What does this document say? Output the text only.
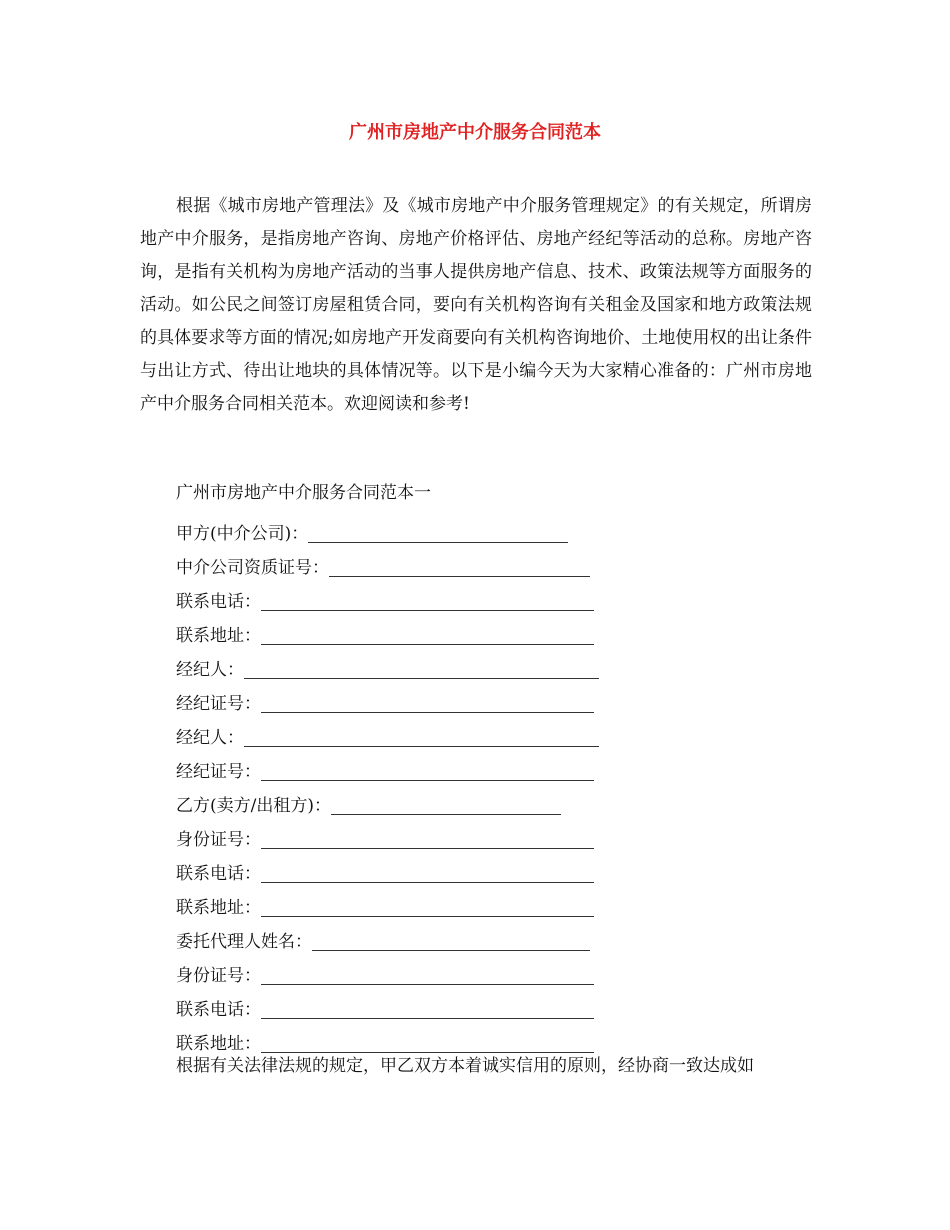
广州市房地产中介服务合同范本

根据《城市房地产管理法》及《城市房地产中介服务管理规定》的有关规定，所谓房地产中介服务，是指房地产咨询、房地产价格评估、房地产经纪等活动的总称。房地产咨询，是指有关机构为房地产活动的当事人提供房地产信息、技术、政策法规等方面服务的活动。如公民之间签订房屋租赁合同，要向有关机构咨询有关租金及国家和地方政策法规的具体要求等方面的情况;如房地产开发商要向有关机构咨询地价、土地使用权的出让条件与出让方式、待出让地块的具体情况等。以下是小编今天为大家精心准备的：广州市房地产中介服务合同相关范本。欢迎阅读和参考!

广州市房地产中介服务合同范本一
甲方(中介公司)：
中介公司资质证号：
联系电话：
联系地址：
经纪人：
经纪证号：
经纪人：
经纪证号：
乙方(卖方/出租方)：
身份证号：
联系电话：
联系地址：
委托代理人姓名：
身份证号：
联系电话：
联系地址：

根据有关法律法规的规定，甲乙双方本着诚实信用的原则，经协商一致达成如
